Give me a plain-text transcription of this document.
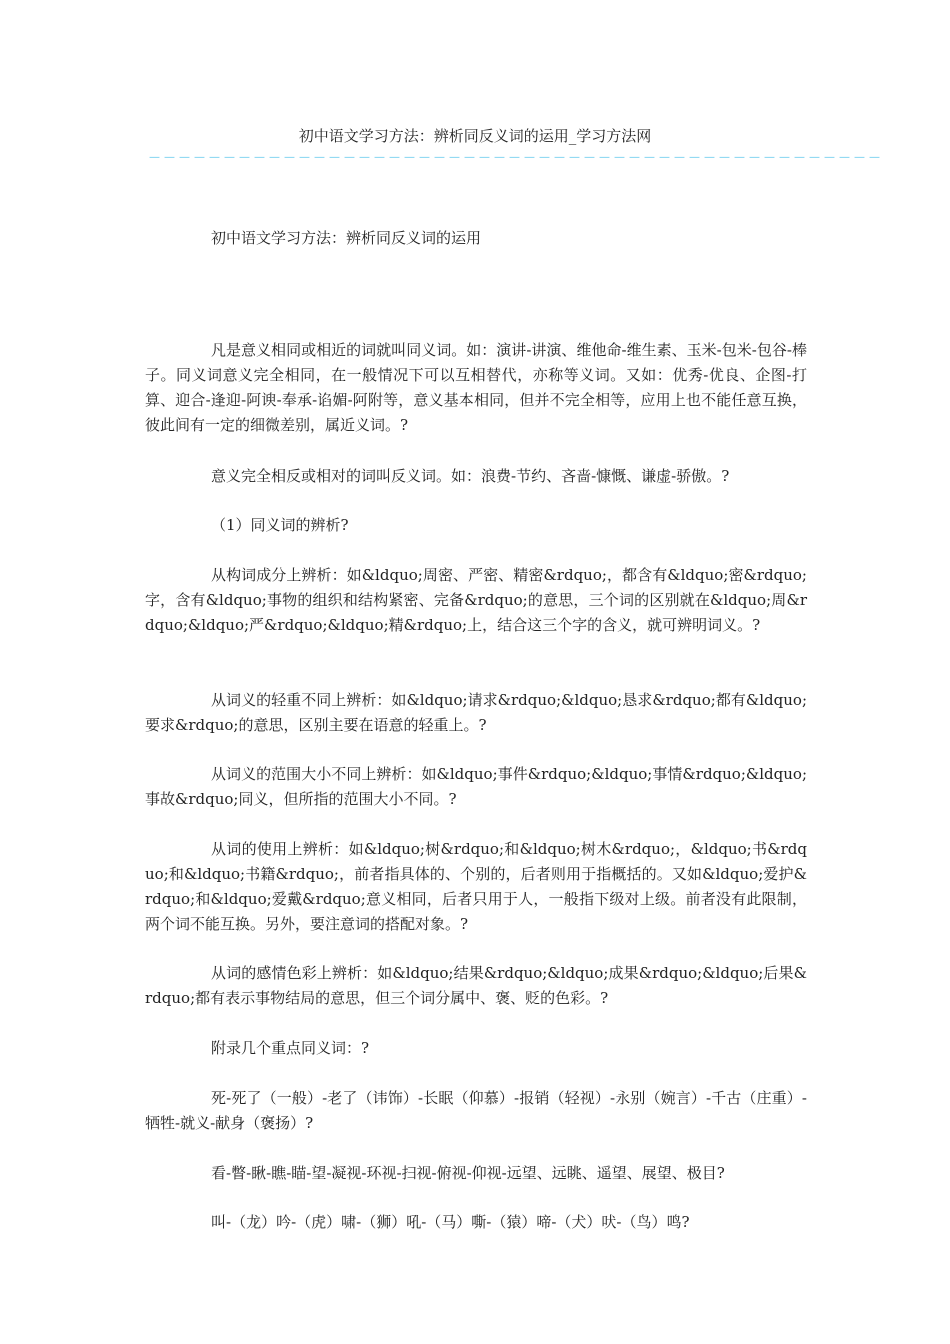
初中语文学习方法：辨析同反义词的运用_学习方法网
－－－－－－－－－－－－－－－－－－－－－－－－－－－－－－－－－－－－－－－－－－－－－－－－－
初中语文学习方法：辨析同反义词的运用

凡是意义相同或相近的词就叫同义词。如：演讲-讲演、维他命-维生素、玉米-包米-包谷-棒子。同义词意义完全相同，在一般情况下可以互相替代，亦称等义词。又如：优秀-优良、企图-打算、迎合-逢迎-阿谀-奉承-谄媚-阿附等，意义基本相同，但并不完全相等，应用上也不能任意互换，彼此间有一定的细微差别，属近义词。?

意义完全相反或相对的词叫反义词。如：浪费-节约、吝啬-慷慨、谦虚-骄傲。?

（1）同义词的辨析?

从构词成分上辨析：如&ldquo;周密、严密、精密&rdquo;，都含有&ldquo;密&rdquo;字，含有&ldquo;事物的组织和结构紧密、完备&rdquo;的意思，三个词的区别就在&ldquo;周&rdquo;&ldquo;严&rdquo;&ldquo;精&rdquo;上，结合这三个字的含义，就可辨明词义。?

从词义的轻重不同上辨析：如&ldquo;请求&rdquo;&ldquo;恳求&rdquo;都有&ldquo;要求&rdquo;的意思，区别主要在语意的轻重上。?

从词义的范围大小不同上辨析：如&ldquo;事件&rdquo;&ldquo;事情&rdquo;&ldquo;事故&rdquo;同义，但所指的范围大小不同。?

从词的使用上辨析：如&ldquo;树&rdquo;和&ldquo;树木&rdquo;，&ldquo;书&rdquo;和&ldquo;书籍&rdquo;，前者指具体的、个别的，后者则用于指概括的。又如&ldquo;爱护&rdquo;和&ldquo;爱戴&rdquo;意义相同，后者只用于人，一般指下级对上级。前者没有此限制，两个词不能互换。另外，要注意词的搭配对象。?

从词的感情色彩上辨析：如&ldquo;结果&rdquo;&ldquo;成果&rdquo;&ldquo;后果&rdquo;都有表示事物结局的意思，但三个词分属中、褒、贬的色彩。?

附录几个重点同义词：?

死-死了（一般）-老了（讳饰）-长眠（仰慕）-报销（轻视）-永别（婉言）-千古（庄重）-牺牲-就义-献身（褒扬）?

看-瞥-瞅-瞧-瞄-望-凝视-环视-扫视-俯视-仰视-远望、远眺、遥望、展望、极目?

叫-（龙）吟-（虎）啸-（狮）吼-（马）嘶-（猿）啼-（犬）吠-（鸟）鸣?
